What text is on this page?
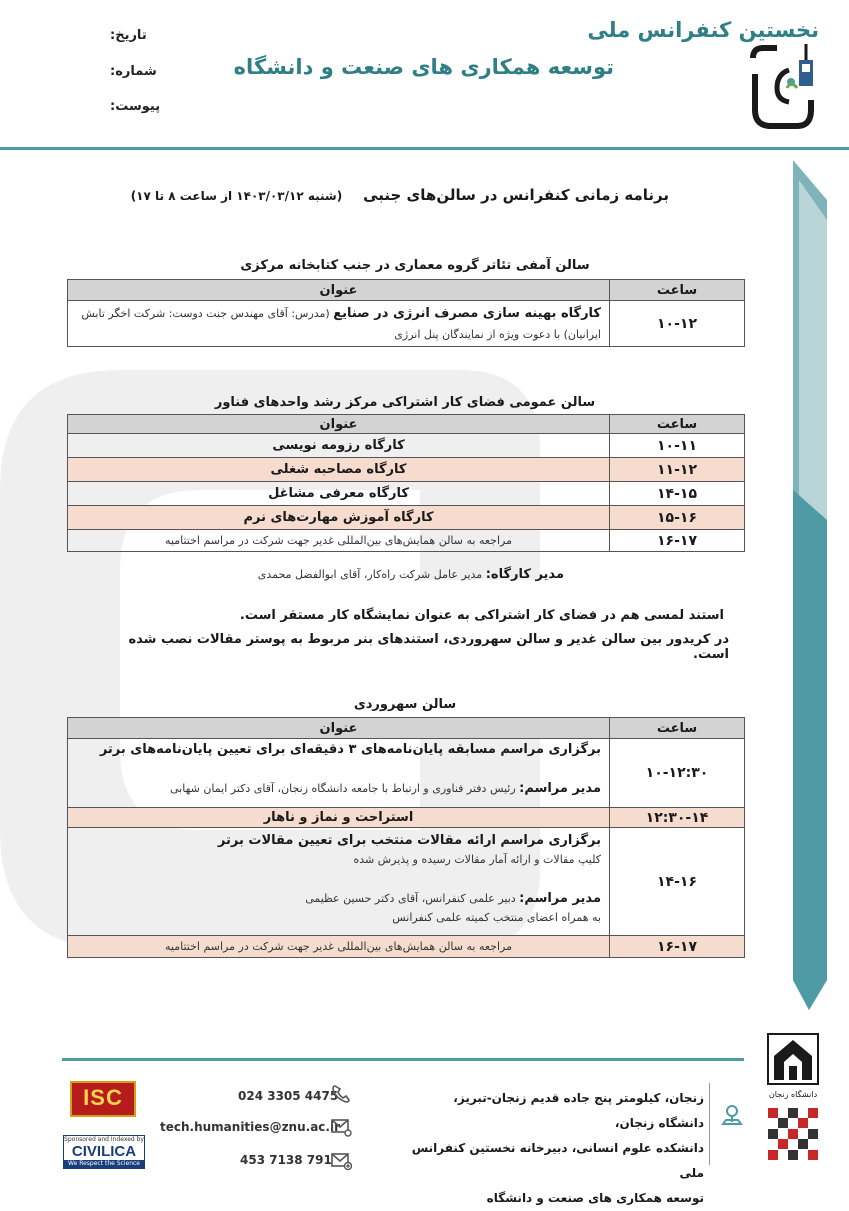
تاریخ:
شماره:
پیوست:
نخستین کنفرانس ملی
توسعه همکاری های صنعت و دانشگاه
برنامه زمانی کنفرانس در سالن‌های جنبی    (شنبه ۱۴۰۳/۰۳/۱۲ از ساعت ۸ تا ۱۷)
سالن آمفی تئاتر گروه معماری در جنب کتابخانه مرکزی
ساعت	عنوان
۱۰-۱۲	کارگاه بهینه سازی مصرف انرژی در صنایع (مدرس: آقای مهندس جنت دوست: شرکت اخگر تابش ایرانیان) با دعوت ویژه از نمایندگان پنل انرژی
سالن عمومی فضای کار اشتراکی مرکز رشد واحدهای فناور
ساعت	عنوان
۱۰-۱۱	کارگاه رزومه نویسی
۱۱-۱۲	کارگاه مصاحبه شغلی
۱۴-۱۵	کارگاه معرفی مشاغل
۱۵-۱۶	کارگاه آموزش مهارت‌های نرم
۱۶-۱۷	مراجعه به سالن همایش‌های بین‌المللی غدیر جهت شرکت در مراسم اختتامیه
مدیر کارگاه: مدیر عامل شرکت راه‌کار، آقای ابوالفضل محمدی
استند لمسی هم در فضای کار اشتراکی به عنوان نمایشگاه کار مستقر است.
در کریدور بین سالن غدیر و سالن سهروردی، استندهای بنر مربوط به پوستر مقالات نصب شده است.
سالن سهروردی
ساعت	عنوان
۱۰-۱۲:۳۰	برگزاری مراسم مسابقه پایان‌نامه‌های ۳ دقیقه‌ای برای تعیین پایان‌نامه‌های برتر
مدیر مراسم: رئیس دفتر فناوری و ارتباط با جامعه دانشگاه زنجان، آقای دکتر ایمان شهابی

۱۲:۳۰-۱۴	استراحت و نماز و ناهار
۱۴-۱۶	برگزاری مراسم ارائه مقالات منتخب برای تعیین مقالات برتر
کلیپ مقالات و ارائه آمار مقالات رسیده و پذیرش شده
مدیر مراسم: دبیر علمی کنفرانس، آقای دکتر حسین عظیمی
به همراه اعضای منتخب کمیته علمی کنفرانس

۱۶-۱۷	مراجعه به سالن همایش‌های بین‌المللی غدیر جهت شرکت در مراسم اختتامیه
دانشگاه زنجان
زنجان، کیلومتر پنج جاده قدیم زنجان-تبریز، دانشگاه زنجان،
دانشکده علوم انسانی، دبیرخانه نخستین کنفرانس ملی
توسعه همکاری های صنعت و دانشگاه
024 3305 4475
tech.humanities@znu.ac.ir
453 7138 791
ISC
Sponsored and Indexed by
CIVILICA
We Respect the Science
